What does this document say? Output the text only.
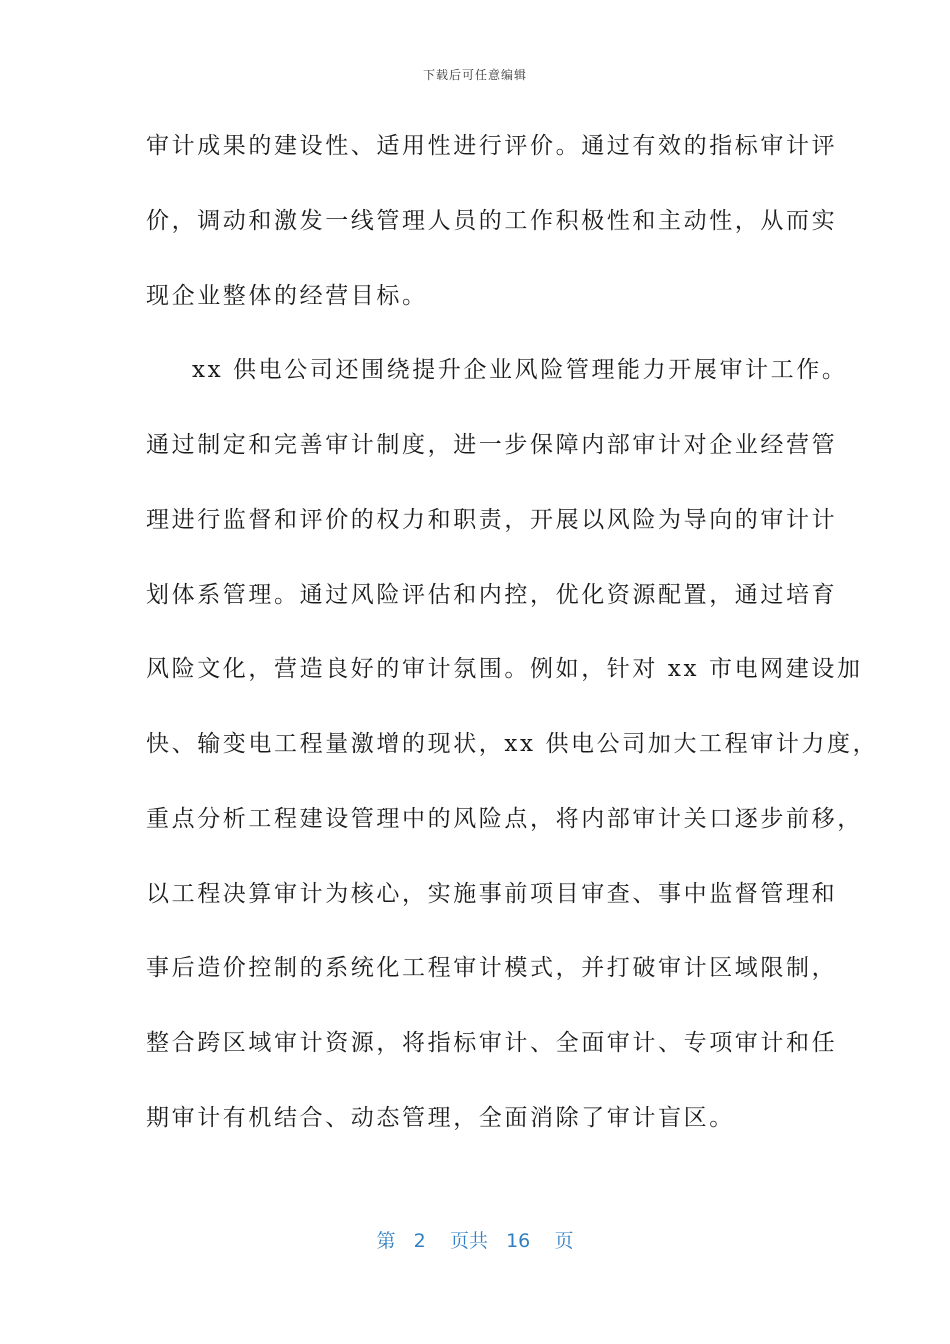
下载后可任意编辑
审计成果的建设性、适用性进行评价。通过有效的指标审计评
价，调动和激发一线管理人员的工作积极性和主动性，从而实
现企业整体的经营目标。
xx 供电公司还围绕提升企业风险管理能力开展审计工作。
通过制定和完善审计制度，进一步保障内部审计对企业经营管
理进行监督和评价的权力和职责，开展以风险为导向的审计计
划体系管理。通过风险评估和内控，优化资源配置，通过培育
风险文化，营造良好的审计氛围。例如，针对 xx 市电网建设加
快、输变电工程量激增的现状，xx 供电公司加大工程审计力度，
重点分析工程建设管理中的风险点，将内部审计关口逐步前移，
以工程决算审计为核心，实施事前项目审查、事中监督管理和
事后造价控制的系统化工程审计模式，并打破审计区域限制，
整合跨区域审计资源，将指标审计、全面审计、专项审计和任
期审计有机结合、动态管理，全面消除了审计盲区。
第 2 页共 16 页
